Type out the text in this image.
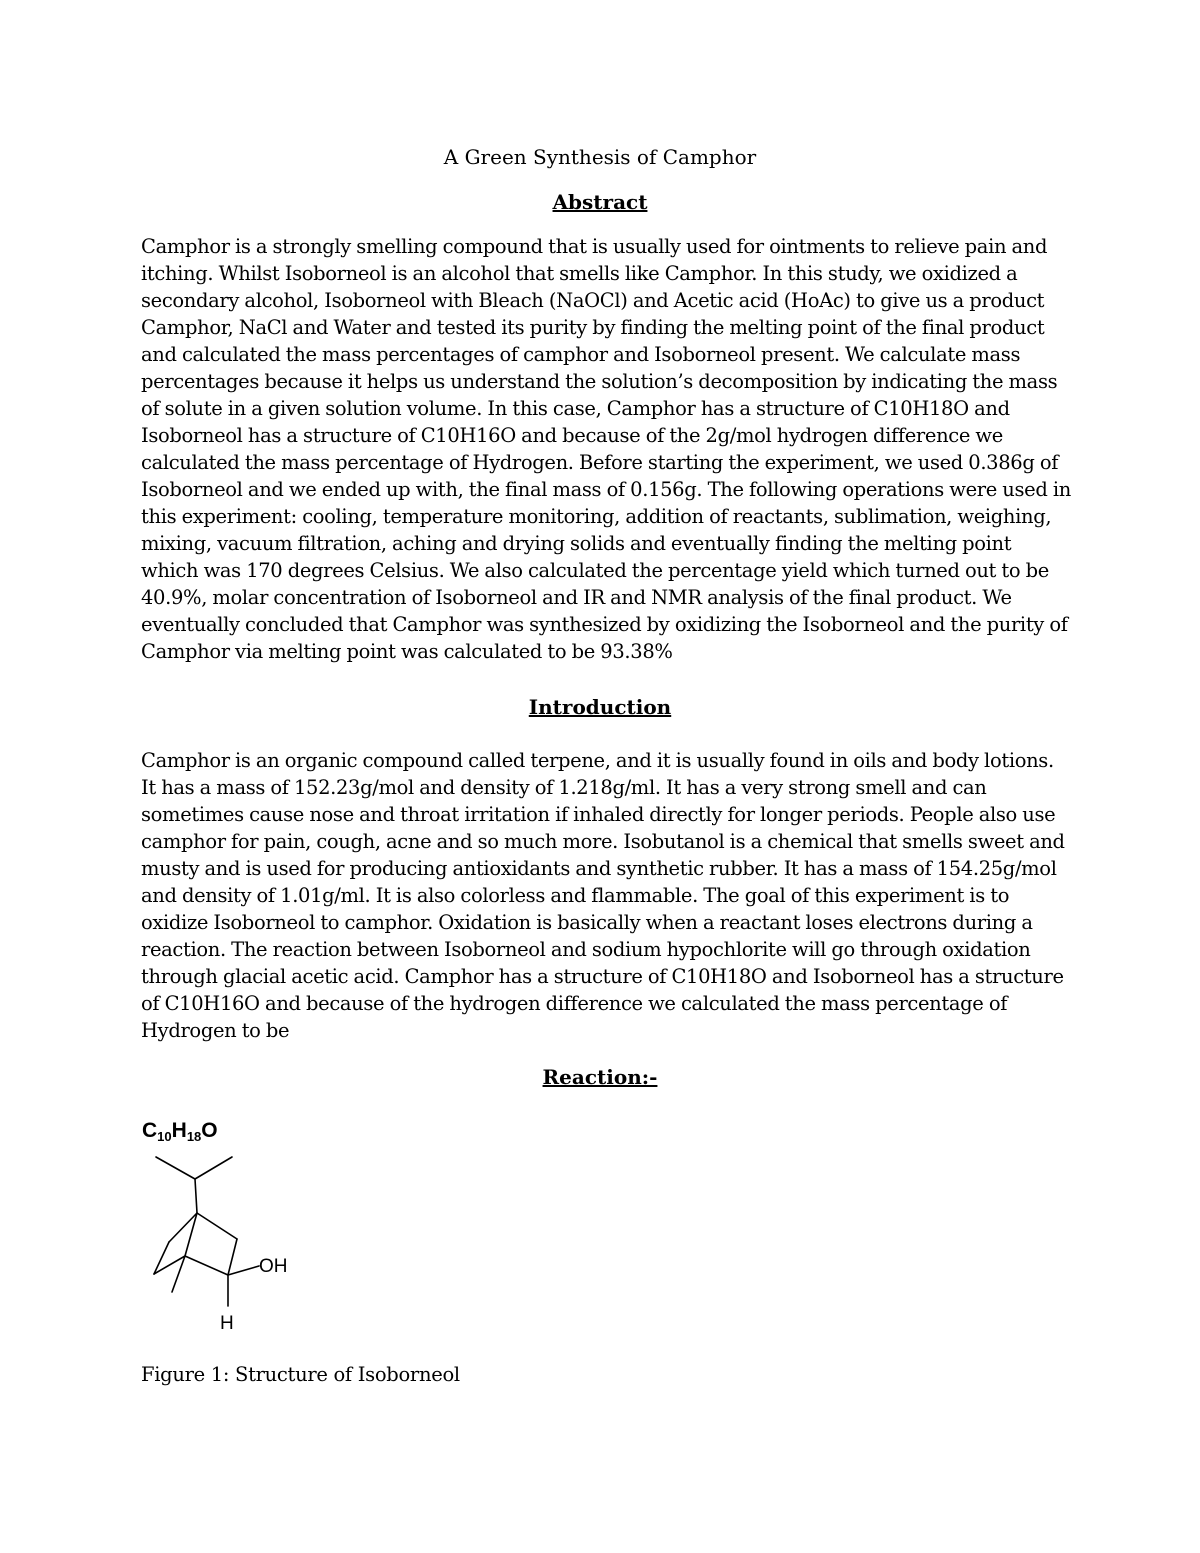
A Green Synthesis of Camphor
Abstract
Camphor is a strongly smelling compound that is usually used for ointments to relieve pain and itching. Whilst Isoborneol is an alcohol that smells like Camphor. In this study, we oxidized a secondary alcohol, Isoborneol with Bleach (NaOCl) and Acetic acid (HoAc) to give us a product Camphor, NaCl and Water and tested its purity by finding the melting point of the final product and calculated the mass percentages of camphor and Isoborneol present. We calculate mass percentages because it helps us understand the solution’s decomposition by indicating the mass of solute in a given solution volume. In this case, Camphor has a structure of C10H18O and Isoborneol has a structure of C10H16O and because of the 2g/mol hydrogen difference we calculated the mass percentage of Hydrogen. Before starting the experiment, we used 0.386g of Isoborneol and we ended up with, the final mass of 0.156g. The following operations were used in this experiment: cooling, temperature monitoring, addition of reactants, sublimation, weighing, mixing, vacuum filtration, aching and drying solids and eventually finding the melting point which was 170 degrees Celsius. We also calculated the percentage yield which turned out to be 40.9%, molar concentration of Isoborneol and IR and NMR analysis of the final product. We eventually concluded that Camphor was synthesized by oxidizing the Isoborneol and the purity of Camphor via melting point was calculated to be 93.38%
Introduction
Camphor is an organic compound called terpene, and it is usually found in oils and body lotions. It has a mass of 152.23g/mol and density of 1.218g/ml. It has a very strong smell and can sometimes cause nose and throat irritation if inhaled directly for longer periods. People also use camphor for pain, cough, acne and so much more. Isobutanol is a chemical that smells sweet and musty and is used for producing antioxidants and synthetic rubber. It has a mass of 154.25g/mol and density of 1.01g/ml. It is also colorless and flammable. The goal of this experiment is to oxidize Isoborneol to camphor. Oxidation is basically when a reactant loses electrons during a reaction. The reaction between Isoborneol and sodium hypochlorite will go through oxidation through glacial acetic acid. Camphor has a structure of C10H18O and Isoborneol has a structure of C10H16O and because of the hydrogen difference we calculated the mass percentage of Hydrogen to be
Reaction:-
$C_{10}H_{18}O$
OH
H
Figure 1: Structure of Isoborneol
